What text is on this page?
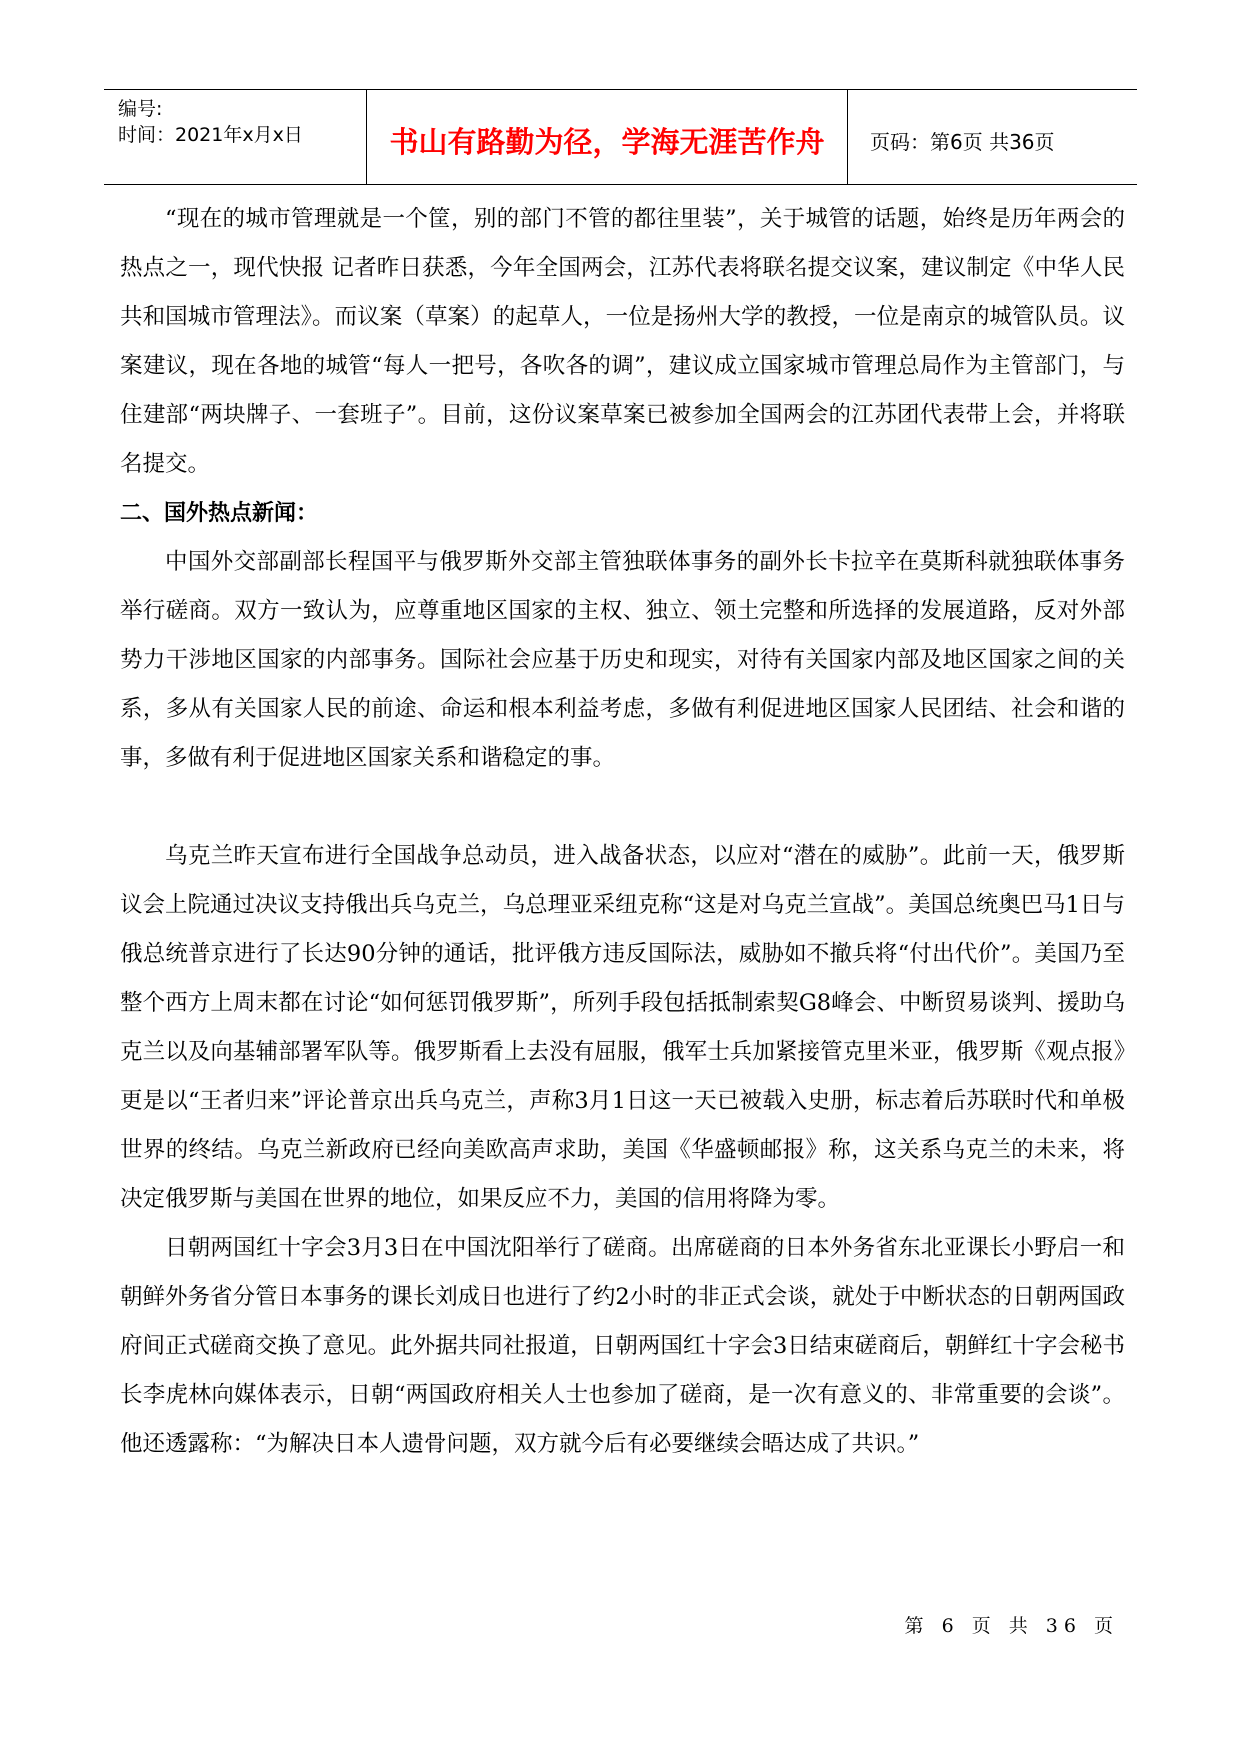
编号:
时间：2021年x月x日	书山有路勤为径，学海无涯苦作舟	页码：第6页 共36页

“现在的城市管理就是一个筐，别的部门不管的都往里装”，关于城管的话题，始终是历年两会的热点之一，现代快报 记者昨日获悉，今年全国两会，江苏代表将联名提交议案，建议制定《中华人民共和国城市管理法》。而议案（草案）的起草人，一位是扬州大学的教授，一位是南京的城管队员。议案建议，现在各地的城管“每人一把号，各吹各的调”，建议成立国家城市管理总局作为主管部门，与住建部“两块牌子、一套班子”。目前，这份议案草案已被参加全国两会的江苏团代表带上会，并将联名提交。

二、国外热点新闻：

中国外交部副部长程国平与俄罗斯外交部主管独联体事务的副外长卡拉辛在莫斯科就独联体事务举行磋商。双方一致认为，应尊重地区国家的主权、独立、领土完整和所选择的发展道路，反对外部势力干涉地区国家的内部事务。国际社会应基于历史和现实，对待有关国家内部及地区国家之间的关系，多从有关国家人民的前途、命运和根本利益考虑，多做有利促进地区国家人民团结、社会和谐的事，多做有利于促进地区国家关系和谐稳定的事。

乌克兰昨天宣布进行全国战争总动员，进入战备状态，以应对“潜在的威胁”。此前一天，俄罗斯议会上院通过决议支持俄出兵乌克兰，乌总理亚采纽克称“这是对乌克兰宣战”。美国总统奥巴马1日与俄总统普京进行了长达90分钟的通话，批评俄方违反国际法，威胁如不撤兵将“付出代价”。美国乃至整个西方上周末都在讨论“如何惩罚俄罗斯”，所列手段包括抵制索契G8峰会、中断贸易谈判、援助乌克兰以及向基辅部署军队等。俄罗斯看上去没有屈服，俄军士兵加紧接管克里米亚，俄罗斯《观点报》更是以“王者归来”评论普京出兵乌克兰，声称3月1日这一天已被载入史册，标志着后苏联时代和单极世界的终结。乌克兰新政府已经向美欧高声求助，美国《华盛顿邮报》称，这关系乌克兰的未来，将决定俄罗斯与美国在世界的地位，如果反应不力，美国的信用将降为零。

日朝两国红十字会3月3日在中国沈阳举行了磋商。出席磋商的日本外务省东北亚课长小野启一和朝鲜外务省分管日本事务的课长刘成日也进行了约2小时的非正式会谈，就处于中断状态的日朝两国政府间正式磋商交换了意见。此外据共同社报道，日朝两国红十字会3日结束磋商后，朝鲜红十字会秘书长李虎林向媒体表示，日朝“两国政府相关人士也参加了磋商，是一次有意义的、非常重要的会谈”。他还透露称：“为解决日本人遗骨问题，双方就今后有必要继续会晤达成了共识。”

第 6 页 共 36 页
